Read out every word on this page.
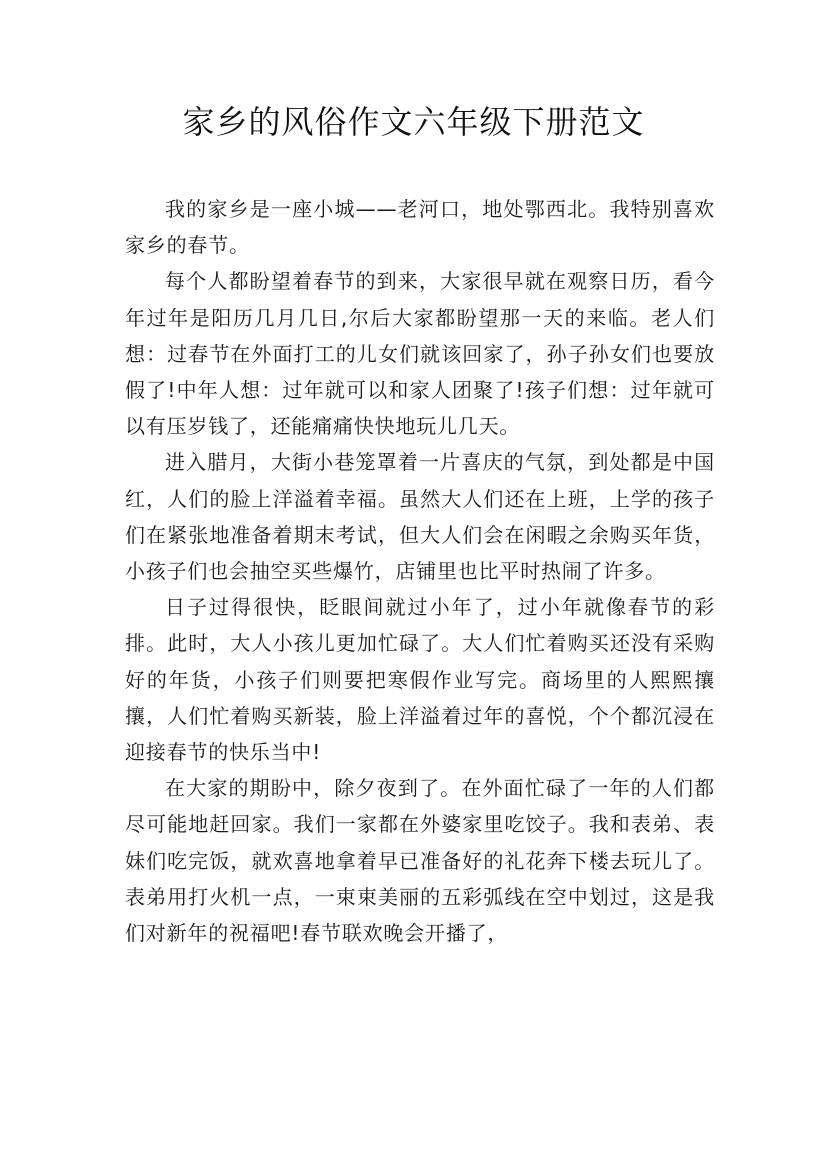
家乡的风俗作文六年级下册范文

我的家乡是一座小城——老河口，地处鄂西北。我特别喜欢家乡的春节。

每个人都盼望着春节的到来，大家很早就在观察日历，看今年过年是阳历几月几日,尔后大家都盼望那一天的来临。老人们想：过春节在外面打工的儿女们就该回家了，孙子孙女们也要放假了!中年人想：过年就可以和家人团聚了!孩子们想：过年就可以有压岁钱了，还能痛痛快快地玩儿几天。

进入腊月，大街小巷笼罩着一片喜庆的气氛，到处都是中国红，人们的脸上洋溢着幸福。虽然大人们还在上班，上学的孩子们在紧张地准备着期末考试，但大人们会在闲暇之余购买年货，小孩子们也会抽空买些爆竹，店铺里也比平时热闹了许多。

日子过得很快，眨眼间就过小年了，过小年就像春节的彩排。此时，大人小孩儿更加忙碌了。大人们忙着购买还没有采购好的年货，小孩子们则要把寒假作业写完。商场里的人熙熙攘攘，人们忙着购买新装，脸上洋溢着过年的喜悦，个个都沉浸在迎接春节的快乐当中!

在大家的期盼中，除夕夜到了。在外面忙碌了一年的人们都尽可能地赶回家。我们一家都在外婆家里吃饺子。我和表弟、表妹们吃完饭，就欢喜地拿着早已准备好的礼花奔下楼去玩儿了。表弟用打火机一点，一束束美丽的五彩弧线在空中划过，这是我们对新年的祝福吧!春节联欢晚会开播了，
